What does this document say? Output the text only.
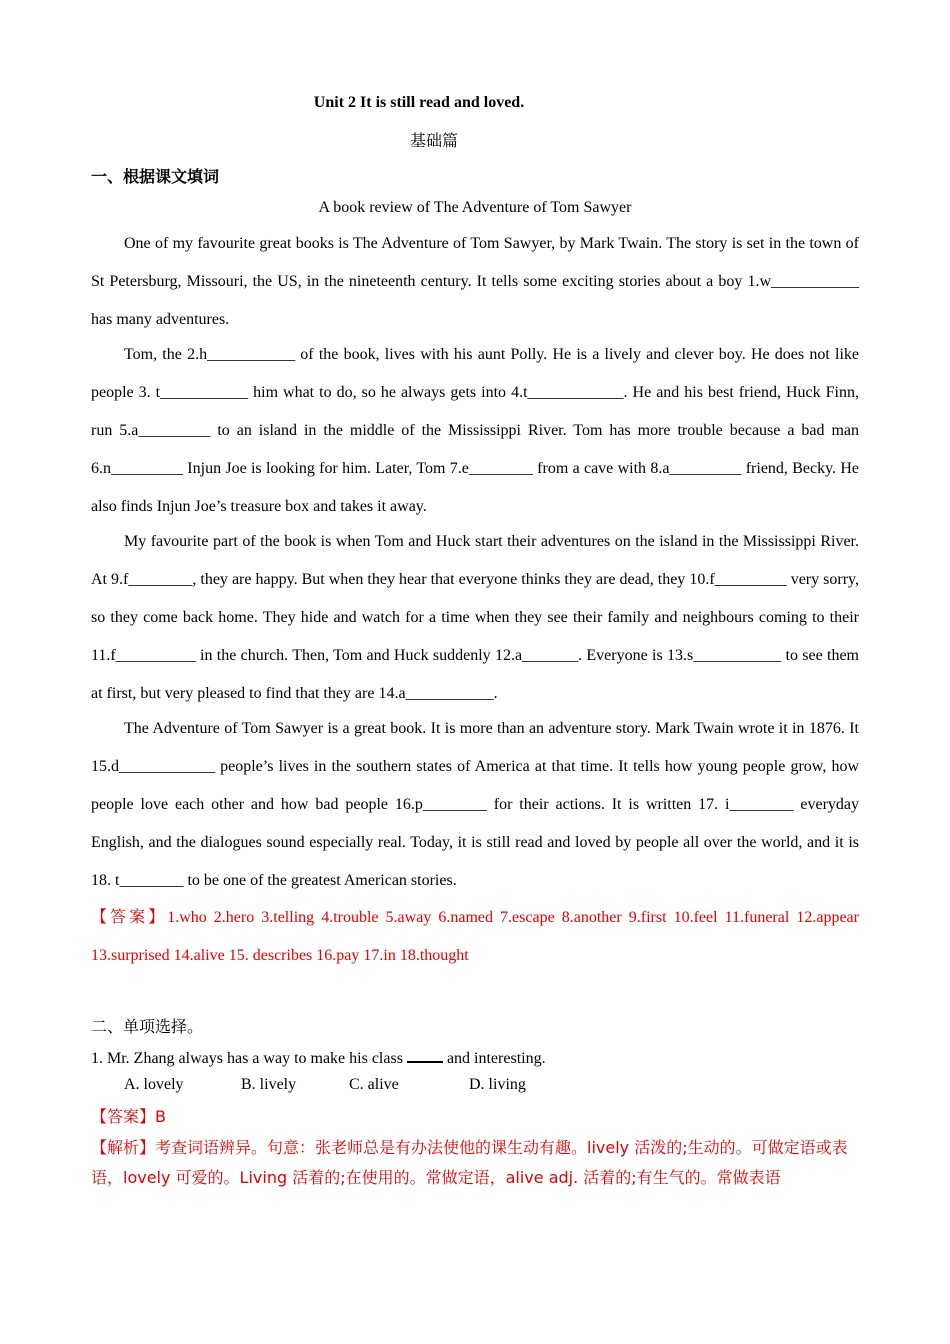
Unit 2 It is still read and loved.
基础篇
一、根据课文填词
A book review of The Adventure of Tom Sawyer

One of my favourite great books is The Adventure of Tom Sawyer, by Mark Twain. The story is set in the town of St Petersburg, Missouri, the US, in the nineteenth century. It tells some exciting stories about a boy 1.w___________ has many adventures.

Tom, the 2.h___________ of the book, lives with his aunt Polly. He is a lively and clever boy. He does not like people 3. t___________ him what to do, so he always gets into 4.t____________. He and his best friend, Huck Finn, run 5.a_________ to an island in the middle of the Mississippi River. Tom has more trouble because a bad man 6.n_________ Injun Joe is looking for him. Later, Tom 7.e________ from a cave with 8.a_________ friend, Becky. He also finds Injun Joe’s treasure box and takes it away.

My favourite part of the book is when Tom and Huck start their adventures on the island in the Mississippi River. At 9.f________, they are happy. But when they hear that everyone thinks they are dead, they 10.f_________ very sorry, so they come back home. They hide and watch for a time when they see their family and neighbours coming to their 11.f__________ in the church. Then, Tom and Huck suddenly 12.a_______. Everyone is 13.s___________ to see them at first, but very pleased to find that they are 14.a___________.

The Adventure of Tom Sawyer is a great book. It is more than an adventure story. Mark Twain wrote it in 1876. It 15.d____________ people’s lives in the southern states of America at that time. It tells how young people grow, how people love each other and how bad people 16.p________ for their actions. It is written 17. i________ everyday English, and the dialogues sound especially real. Today, it is still read and loved by people all over the world, and it is 18. t________ to be one of the greatest American stories.

【答案】1.who 2.hero 3.telling 4.trouble 5.away 6.named 7.escape 8.another 9.first 10.feel 11.funeral 12.appear 13.surprised 14.alive 15. describes 16.pay 17.in 18.thought
二、单项选择。
1. Mr. Zhang always has a way to make his class  and interesting.
A. lovely	B. lively	C. alive	D. living
【答案】B
【解析】考查词语辨异。句意：张老师总是有办法使他的课生动有趣。lively 活泼的;生动的。可做定语或表语，lovely 可爱的。Living 活着的;在使用的。常做定语，alive adj. 活着的;有生气的。常做表语
